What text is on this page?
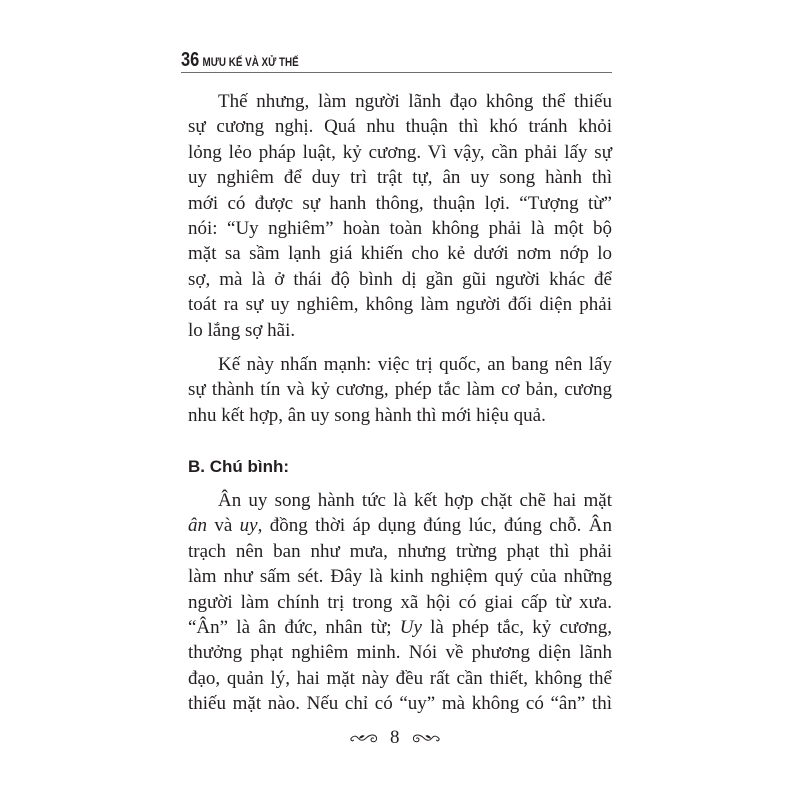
36 MƯU KẾ VÀ XỬ THẾ
Thế nhưng, làm người lãnh đạo không thể thiếu
sự cương nghị. Quá nhu thuận thì khó tránh khỏi
lỏng lẻo pháp luật, kỷ cương. Vì vậy, cần phải lấy sự
uy nghiêm để duy trì trật tự, ân uy song hành thì
mới có được sự hanh thông, thuận lợi. “Tượng từ”
nói: “Uy nghiêm” hoàn toàn không phải là một bộ
mặt sa sầm lạnh giá khiến cho kẻ dưới nơm nớp lo
sợ, mà là ở thái độ bình dị gần gũi người khác để
toát ra sự uy nghiêm, không làm người đối diện phải
lo lắng sợ hãi.
Kế này nhấn mạnh: việc trị quốc, an bang nên lấy
sự thành tín và kỷ cương, phép tắc làm cơ bản, cương
nhu kết hợp, ân uy song hành thì mới hiệu quả.
B. Chú bình:
Ân uy song hành tức là kết hợp chặt chẽ hai mặt
ân và uy, đồng thời áp dụng đúng lúc, đúng chỗ. Ân
trạch nên ban như mưa, nhưng trừng phạt thì phải
làm như sấm sét. Đây là kinh nghiệm quý của những
người làm chính trị trong xã hội có giai cấp từ xưa.
“Ân” là ân đức, nhân từ; Uy là phép tắc, kỷ cương,
thưởng phạt nghiêm minh. Nói về phương diện lãnh
đạo, quản lý, hai mặt này đều rất cần thiết, không thể
thiếu mặt nào. Nếu chỉ có “uy” mà không có “ân” thì
8
